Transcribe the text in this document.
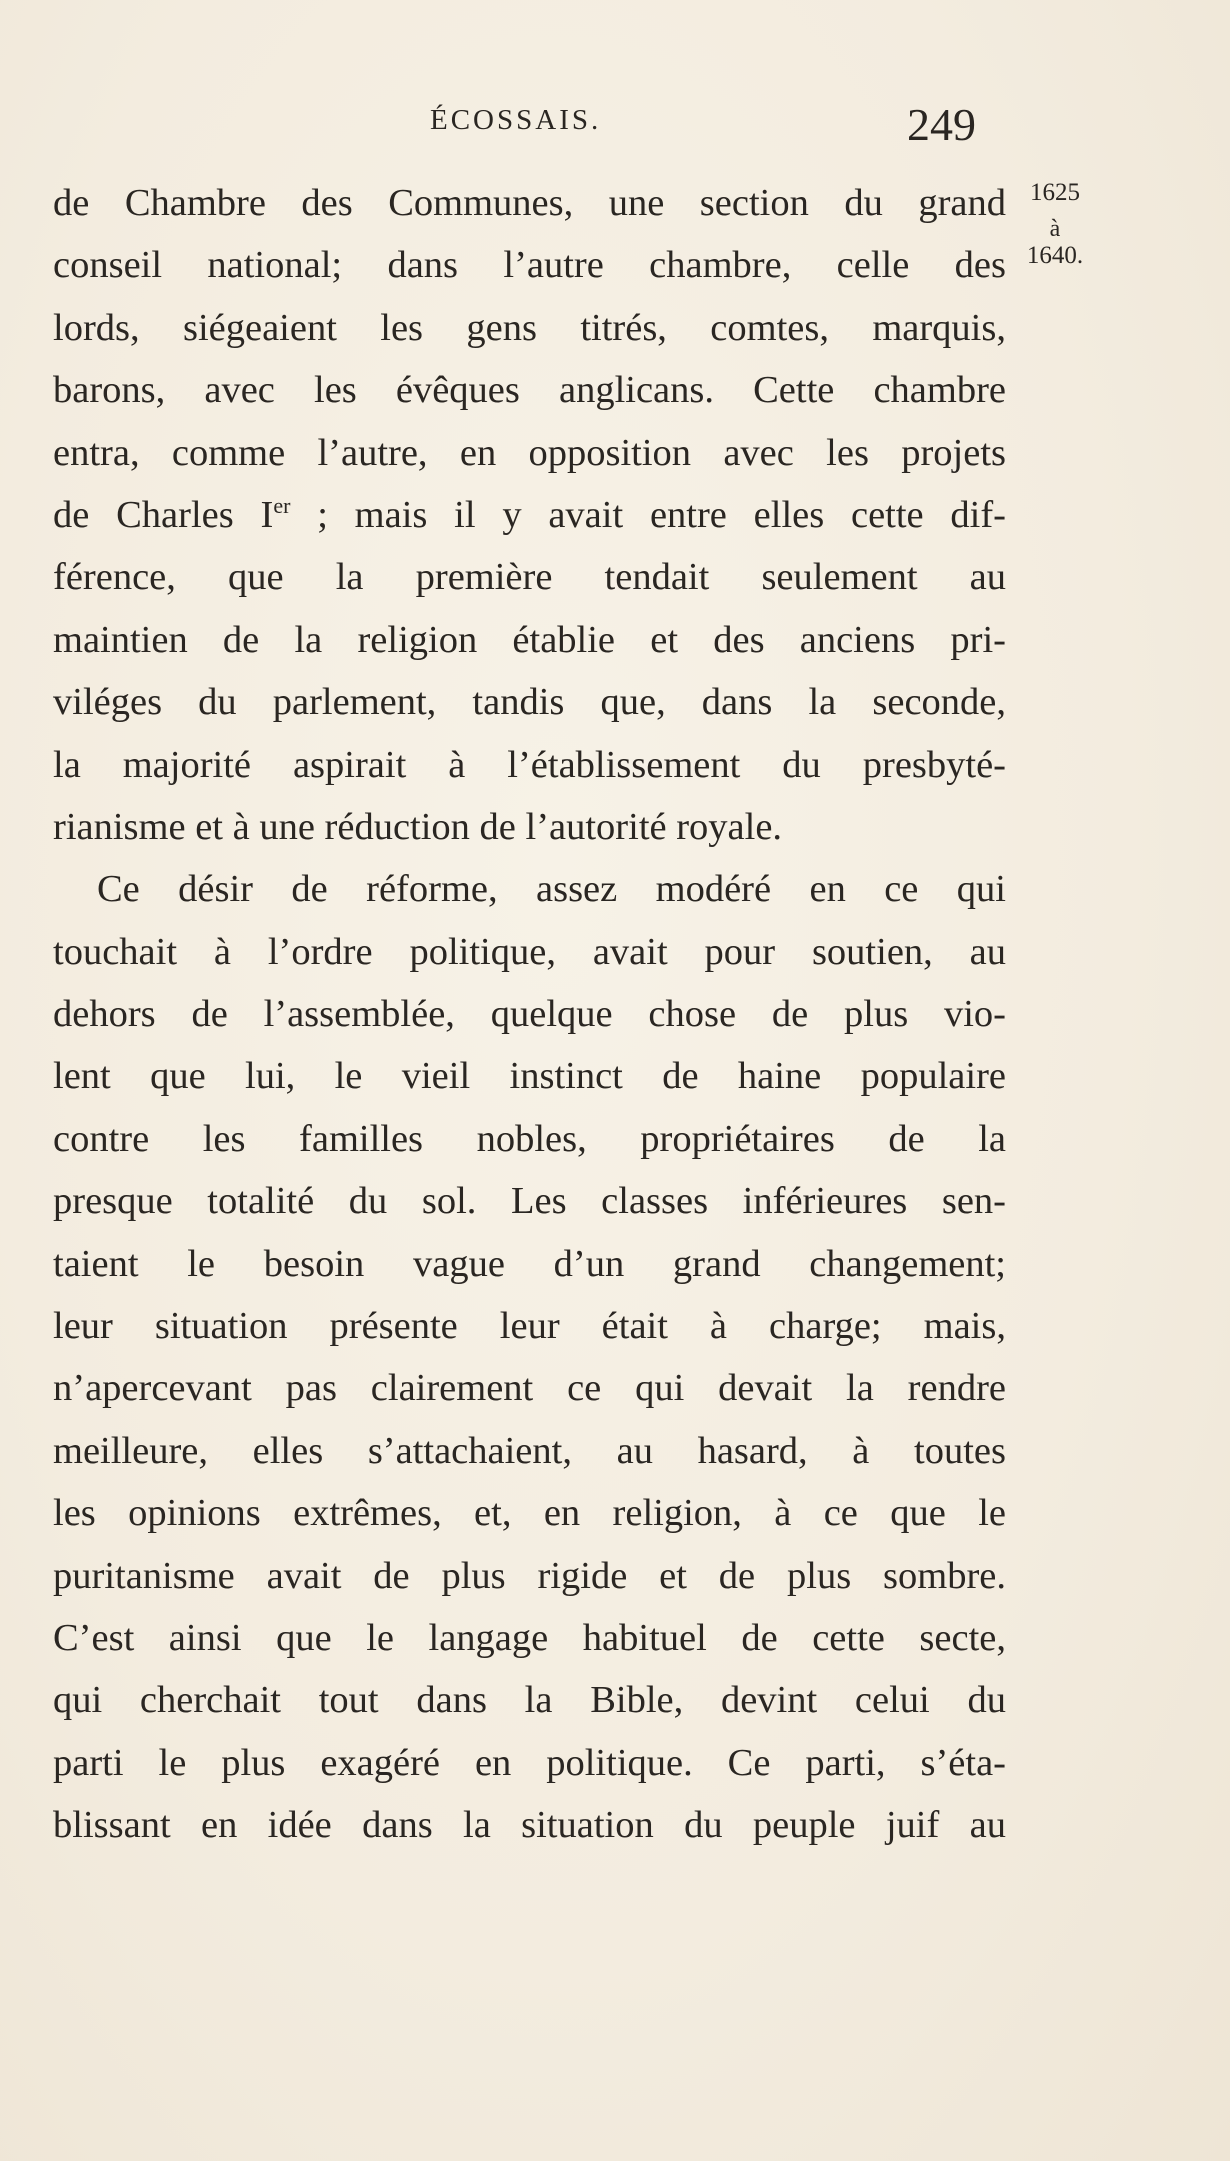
ÉCOSSAIS.	249
1625
à
1640.
de Chambre des Communes, une section du grand
conseil national; dans l’autre chambre, celle des
lords, siégeaient les gens titrés, comtes, marquis,
barons, avec les évêques anglicans. Cette chambre
entra, comme l’autre, en opposition avec les projets
de Charles Ier ; mais il y avait entre elles cette dif-
férence, que la première tendait seulement au
maintien de la religion établie et des anciens pri-
viléges du parlement, tandis que, dans la seconde,
la majorité aspirait à l’établissement du presbyté-
rianisme et à une réduction de l’autorité royale.
Ce désir de réforme, assez modéré en ce qui
touchait à l’ordre politique, avait pour soutien, au
dehors de l’assemblée, quelque chose de plus vio-
lent que lui, le vieil instinct de haine populaire
contre les familles nobles, propriétaires de la
presque totalité du sol. Les classes inférieures sen-
taient le besoin vague d’un grand changement;
leur situation présente leur était à charge; mais,
n’apercevant pas clairement ce qui devait la rendre
meilleure, elles s’attachaient, au hasard, à toutes
les opinions extrêmes, et, en religion, à ce que le
puritanisme avait de plus rigide et de plus sombre.
C’est ainsi que le langage habituel de cette secte,
qui cherchait tout dans la Bible, devint celui du
parti le plus exagéré en politique. Ce parti, s’éta-
blissant en idée dans la situation du peuple juif au
